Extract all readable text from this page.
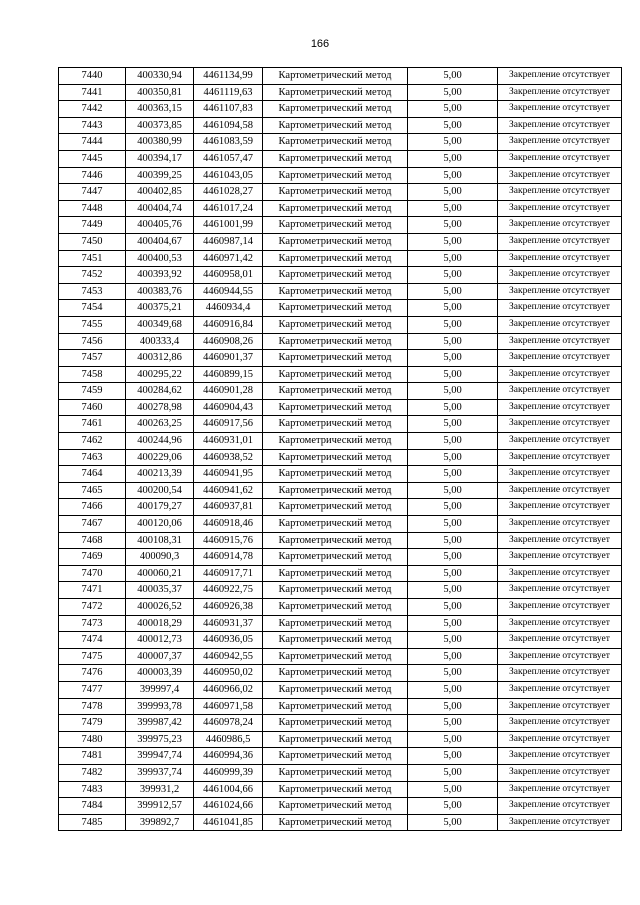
166
7440	400330,94	4461134,99	Картометрический метод	5,00	Закрепление отсутствует
7441	400350,81	4461119,63	Картометрический метод	5,00	Закрепление отсутствует
7442	400363,15	4461107,83	Картометрический метод	5,00	Закрепление отсутствует
7443	400373,85	4461094,58	Картометрический метод	5,00	Закрепление отсутствует
7444	400380,99	4461083,59	Картометрический метод	5,00	Закрепление отсутствует
7445	400394,17	4461057,47	Картометрический метод	5,00	Закрепление отсутствует
7446	400399,25	4461043,05	Картометрический метод	5,00	Закрепление отсутствует
7447	400402,85	4461028,27	Картометрический метод	5,00	Закрепление отсутствует
7448	400404,74	4461017,24	Картометрический метод	5,00	Закрепление отсутствует
7449	400405,76	4461001,99	Картометрический метод	5,00	Закрепление отсутствует
7450	400404,67	4460987,14	Картометрический метод	5,00	Закрепление отсутствует
7451	400400,53	4460971,42	Картометрический метод	5,00	Закрепление отсутствует
7452	400393,92	4460958,01	Картометрический метод	5,00	Закрепление отсутствует
7453	400383,76	4460944,55	Картометрический метод	5,00	Закрепление отсутствует
7454	400375,21	4460934,4	Картометрический метод	5,00	Закрепление отсутствует
7455	400349,68	4460916,84	Картометрический метод	5,00	Закрепление отсутствует
7456	400333,4	4460908,26	Картометрический метод	5,00	Закрепление отсутствует
7457	400312,86	4460901,37	Картометрический метод	5,00	Закрепление отсутствует
7458	400295,22	4460899,15	Картометрический метод	5,00	Закрепление отсутствует
7459	400284,62	4460901,28	Картометрический метод	5,00	Закрепление отсутствует
7460	400278,98	4460904,43	Картометрический метод	5,00	Закрепление отсутствует
7461	400263,25	4460917,56	Картометрический метод	5,00	Закрепление отсутствует
7462	400244,96	4460931,01	Картометрический метод	5,00	Закрепление отсутствует
7463	400229,06	4460938,52	Картометрический метод	5,00	Закрепление отсутствует
7464	400213,39	4460941,95	Картометрический метод	5,00	Закрепление отсутствует
7465	400200,54	4460941,62	Картометрический метод	5,00	Закрепление отсутствует
7466	400179,27	4460937,81	Картометрический метод	5,00	Закрепление отсутствует
7467	400120,06	4460918,46	Картометрический метод	5,00	Закрепление отсутствует
7468	400108,31	4460915,76	Картометрический метод	5,00	Закрепление отсутствует
7469	400090,3	4460914,78	Картометрический метод	5,00	Закрепление отсутствует
7470	400060,21	4460917,71	Картометрический метод	5,00	Закрепление отсутствует
7471	400035,37	4460922,75	Картометрический метод	5,00	Закрепление отсутствует
7472	400026,52	4460926,38	Картометрический метод	5,00	Закрепление отсутствует
7473	400018,29	4460931,37	Картометрический метод	5,00	Закрепление отсутствует
7474	400012,73	4460936,05	Картометрический метод	5,00	Закрепление отсутствует
7475	400007,37	4460942,55	Картометрический метод	5,00	Закрепление отсутствует
7476	400003,39	4460950,02	Картометрический метод	5,00	Закрепление отсутствует
7477	399997,4	4460966,02	Картометрический метод	5,00	Закрепление отсутствует
7478	399993,78	4460971,58	Картометрический метод	5,00	Закрепление отсутствует
7479	399987,42	4460978,24	Картометрический метод	5,00	Закрепление отсутствует
7480	399975,23	4460986,5	Картометрический метод	5,00	Закрепление отсутствует
7481	399947,74	4460994,36	Картометрический метод	5,00	Закрепление отсутствует
7482	399937,74	4460999,39	Картометрический метод	5,00	Закрепление отсутствует
7483	399931,2	4461004,66	Картометрический метод	5,00	Закрепление отсутствует
7484	399912,57	4461024,66	Картометрический метод	5,00	Закрепление отсутствует
7485	399892,7	4461041,85	Картометрический метод	5,00	Закрепление отсутствует
